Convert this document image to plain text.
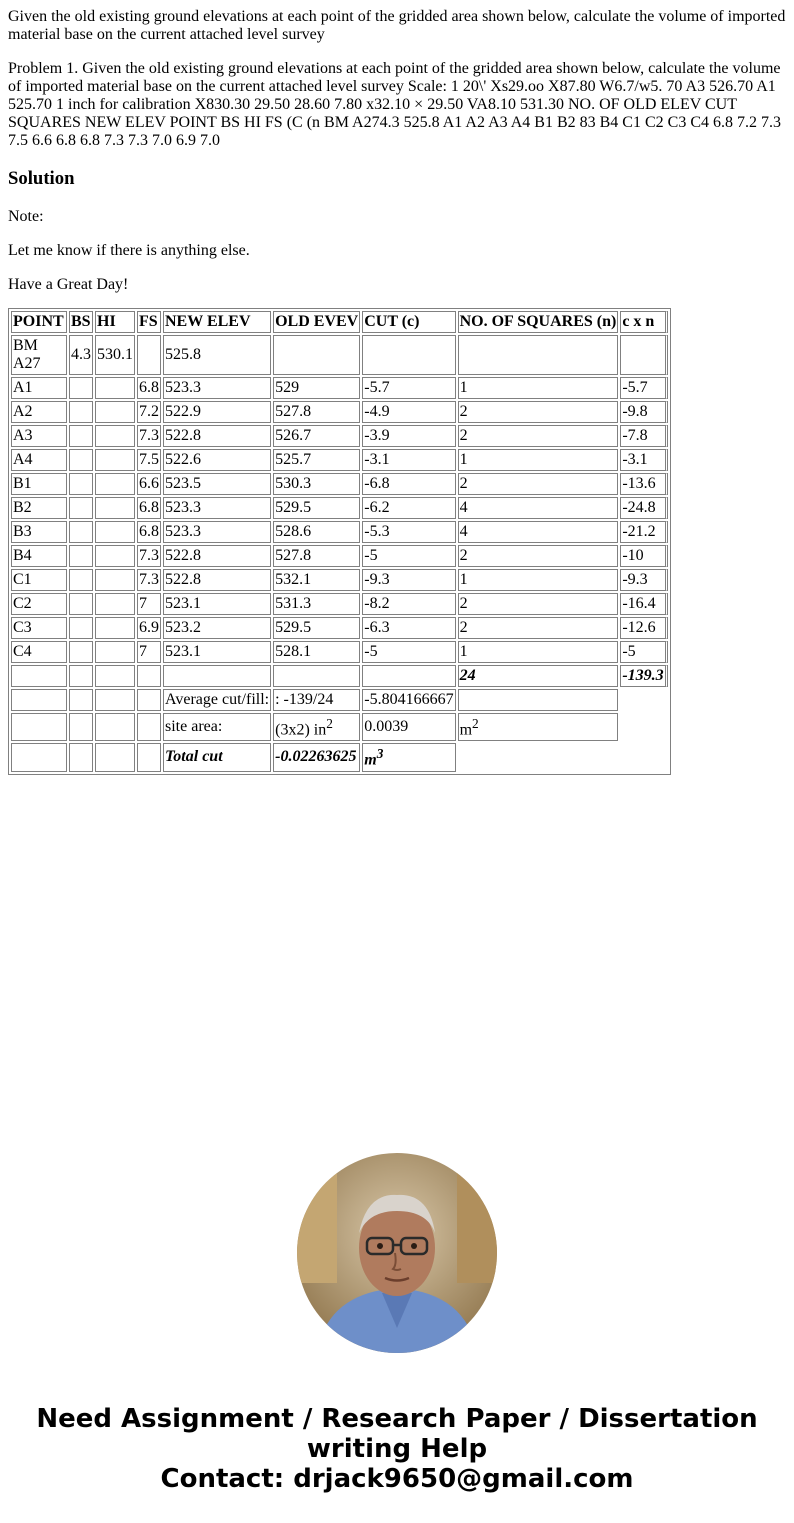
Given the old existing ground elevations at each point of the gridded area shown below, calculate the volume of imported material base on the current attached level survey

Problem 1. Given the old existing ground elevations at each point of the gridded area shown below, calculate the volume of imported material base on the current attached level survey Scale: 1 20\' Xs29.oo X87.80 W6.7/w5. 70 A3 526.70 A1 525.70 1 inch for calibration X830.30 29.50 28.60 7.80 x32.10 × 29.50 VA8.10 531.30 NO. OF OLD ELEV CUT SQUARES NEW ELEV POINT BS HI FS (C (n BM A274.3 525.8 A1 A2 A3 A4 B1 B2 83 B4 C1 C2 C3 C4 6.8 7.2 7.3 7.5 6.6 6.8 6.8 7.3 7.3 7.0 6.9 7.0

Solution

Note:

Let me know if there is anything else.

Have a Great Day!

POINT	BS	HI	FS	NEW ELEV	OLD EVEV	CUT (c)	NO. OF SQUARES (n)	c x n
BM A27	4.3	530.1		525.8				
A1			6.8	523.3	529	-5.7	1	-5.7
A2			7.2	522.9	527.8	-4.9	2	-9.8
A3			7.3	522.8	526.7	-3.9	2	-7.8
A4			7.5	522.6	525.7	-3.1	1	-3.1
B1			6.6	523.5	530.3	-6.8	2	-13.6
B2			6.8	523.3	529.5	-6.2	4	-24.8
B3			6.8	523.3	528.6	-5.3	4	-21.2
B4			7.3	522.8	527.8	-5	2	-10
C1			7.3	522.8	532.1	-9.3	1	-9.3
C2			7	523.1	531.3	-8.2	2	-16.4
C3			6.9	523.2	529.5	-6.3	2	-12.6
C4			7	523.1	528.1	-5	1	-5
							24	-139.3
				Average cut/fill:	: -139/24	-5.804166667		
				site area:	(3x2) $in^2$	0.0039	$m^2$
				Total cut	-0.02263625	$m^3$
Need Assignment / Research Paper / Dissertation
writing Help
Contact: drjack9650@gmail.com
